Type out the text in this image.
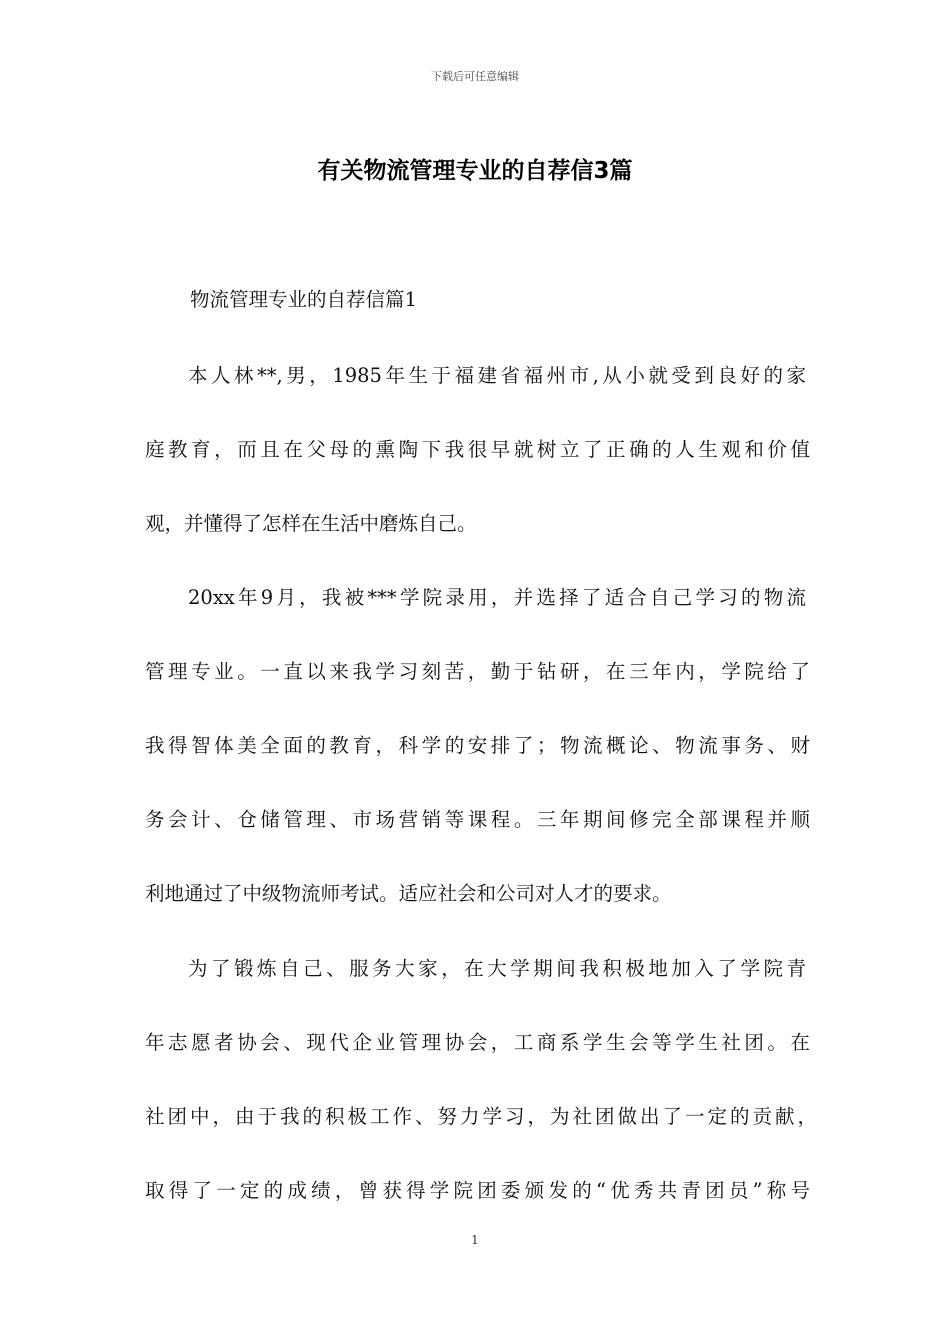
下载后可任意编辑
有关物流管理专业的自荐信3篇
物流管理专业的自荐信篇1
本人林**,男，1985年生于福建省福州市,从小就受到良好的家
庭教育，而且在父母的熏陶下我很早就树立了正确的人生观和价值
观，并懂得了怎样在生活中磨炼自己。
20xx年9月，我被***学院录用，并选择了适合自己学习的物流
管理专业。一直以来我学习刻苦，勤于钻研，在三年内，学院给了
我得智体美全面的教育，科学的安排了；物流概论、物流事务、财
务会计、仓储管理、市场营销等课程。三年期间修完全部课程并顺
利地通过了中级物流师考试。适应社会和公司对人才的要求。
为了锻炼自己、服务大家，在大学期间我积极地加入了学院青
年志愿者协会、现代企业管理协会，工商系学生会等学生社团。在
社团中，由于我的积极工作、努力学习，为社团做出了一定的贡献，
取得了一定的成绩，曾获得学院团委颁发的“优秀共青团员”称号
1
